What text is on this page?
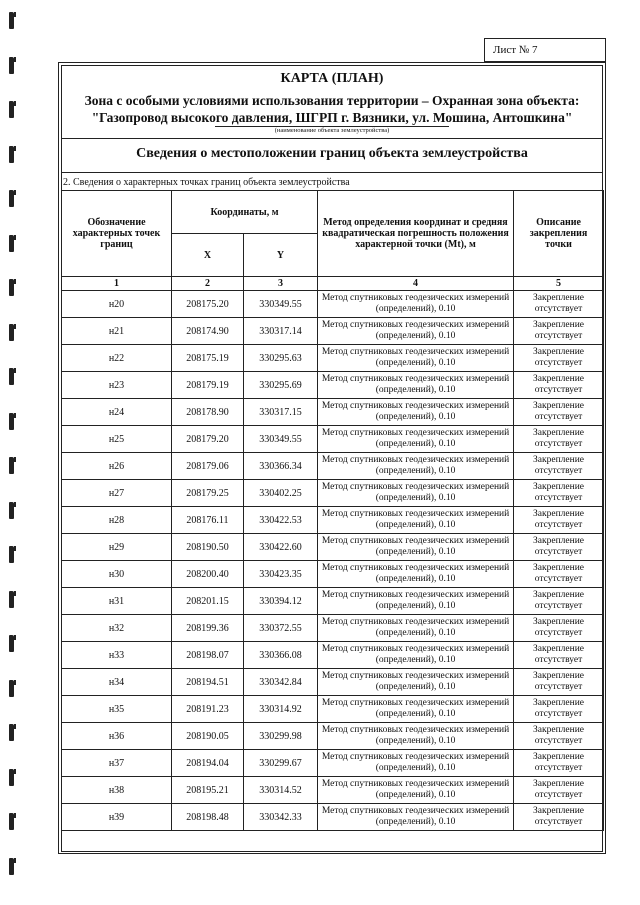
Лист № 7
КАРТА (ПЛАН)
Зона с особыми условиями использования территории – Охранная зона объекта:
"Газопровод высокого давления, ШГРП г. Вязники, ул. Мошина, Антошкина"
(наименование объекта землеустройства)
Сведения о местоположении границ объекта землеустройства
2. Сведения о характерных точках границ объекта землеустройства
Обозначение характерных точек границ	Координаты, м		Метод определения координат и средняя квадратическая погрешность положения характерной точки (Mt), м	Описание закрепления точки
	X	Y		
1	2	3	4	5
н20	208175.20	330349.55	Метод спутниковых геодезических измерений (определений), 0.10	Закрепление отсутствует
н21	208174.90	330317.14	Метод спутниковых геодезических измерений (определений), 0.10	Закрепление отсутствует
н22	208175.19	330295.63	Метод спутниковых геодезических измерений (определений), 0.10	Закрепление отсутствует
н23	208179.19	330295.69	Метод спутниковых геодезических измерений (определений), 0.10	Закрепление отсутствует
н24	208178.90	330317.15	Метод спутниковых геодезических измерений (определений), 0.10	Закрепление отсутствует
н25	208179.20	330349.55	Метод спутниковых геодезических измерений (определений), 0.10	Закрепление отсутствует
н26	208179.06	330366.34	Метод спутниковых геодезических измерений (определений), 0.10	Закрепление отсутствует
н27	208179.25	330402.25	Метод спутниковых геодезических измерений (определений), 0.10	Закрепление отсутствует
н28	208176.11	330422.53	Метод спутниковых геодезических измерений (определений), 0.10	Закрепление отсутствует
н29	208190.50	330422.60	Метод спутниковых геодезических измерений (определений), 0.10	Закрепление отсутствует
н30	208200.40	330423.35	Метод спутниковых геодезических измерений (определений), 0.10	Закрепление отсутствует
н31	208201.15	330394.12	Метод спутниковых геодезических измерений (определений), 0.10	Закрепление отсутствует
н32	208199.36	330372.55	Метод спутниковых геодезических измерений (определений), 0.10	Закрепление отсутствует
н33	208198.07	330366.08	Метод спутниковых геодезических измерений (определений), 0.10	Закрепление отсутствует
н34	208194.51	330342.84	Метод спутниковых геодезических измерений (определений), 0.10	Закрепление отсутствует
н35	208191.23	330314.92	Метод спутниковых геодезических измерений (определений), 0.10	Закрепление отсутствует
н36	208190.05	330299.98	Метод спутниковых геодезических измерений (определений), 0.10	Закрепление отсутствует
н37	208194.04	330299.67	Метод спутниковых геодезических измерений (определений), 0.10	Закрепление отсутствует
н38	208195.21	330314.52	Метод спутниковых геодезических измерений (определений), 0.10	Закрепление отсутствует
н39	208198.48	330342.33	Метод спутниковых геодезических измерений (определений), 0.10	Закрепление отсутствует
